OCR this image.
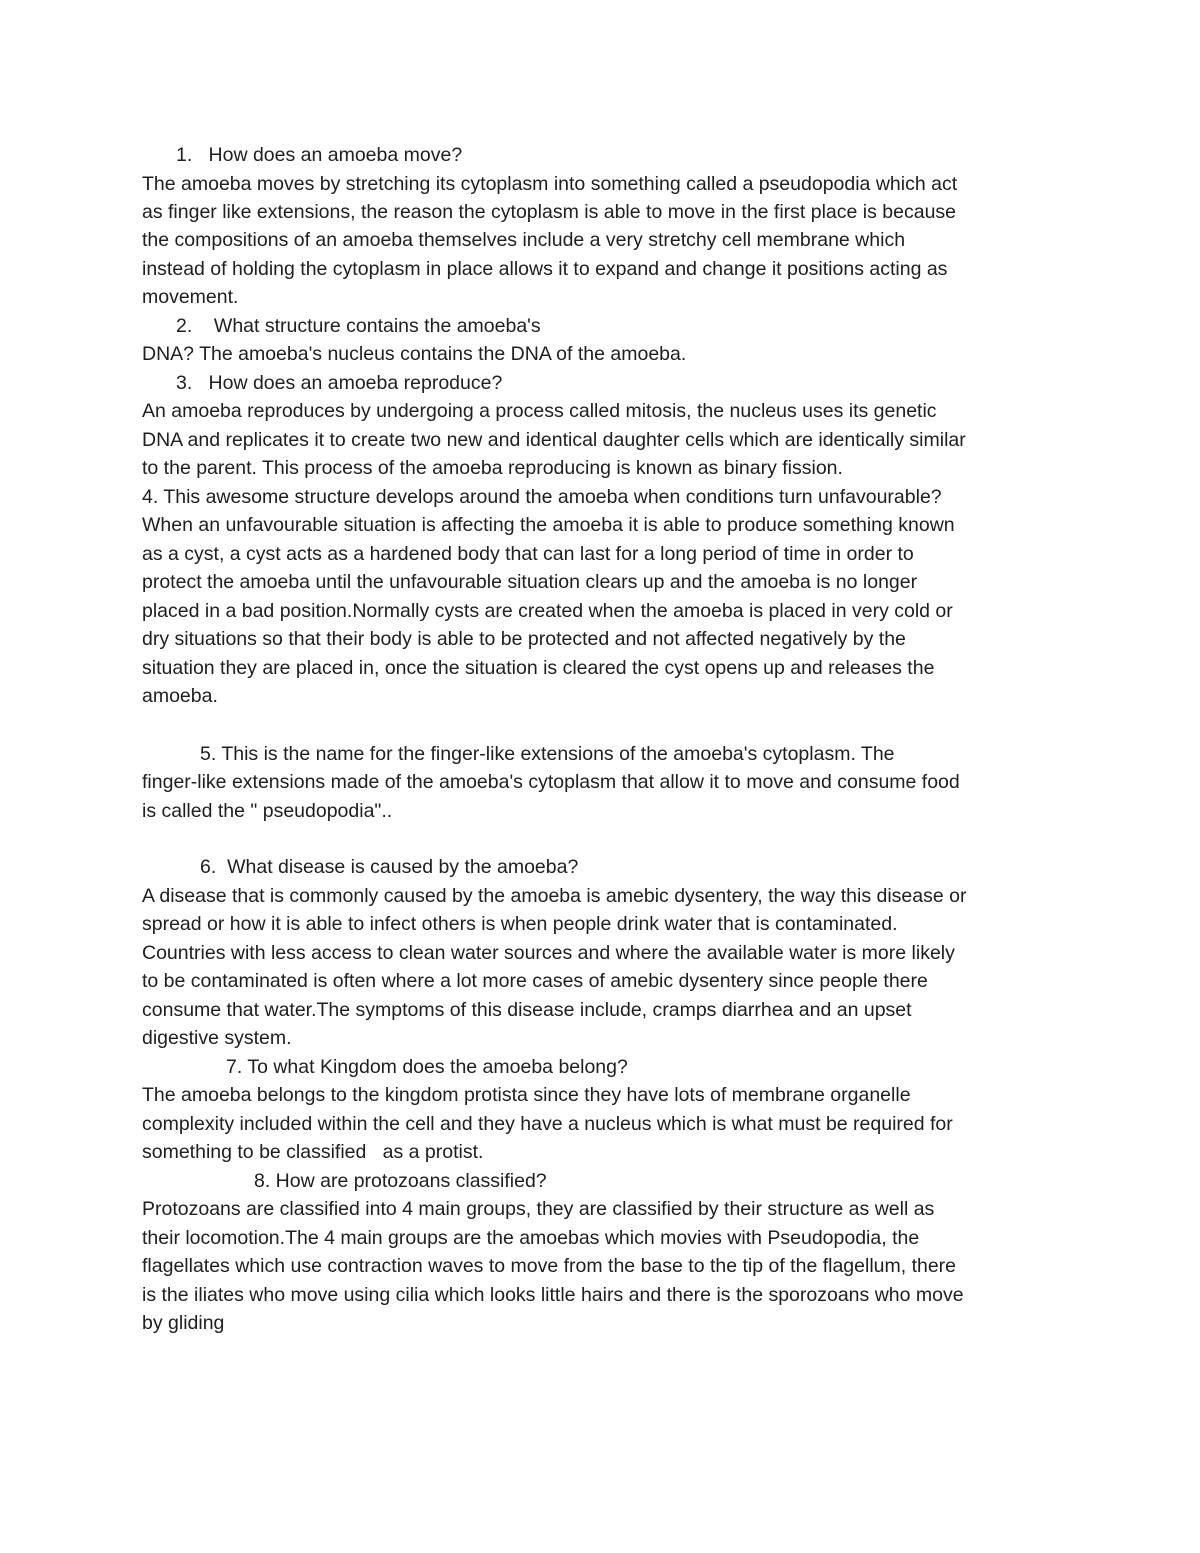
1.   How does an amoeba move?
The amoeba moves by stretching its cytoplasm into something called a pseudopodia which act
as finger like extensions, the reason the cytoplasm is able to move in the first place is because
the compositions of an amoeba themselves include a very stretchy cell membrane which
instead of holding the cytoplasm in place allows it to expand and change it positions acting as
movement.
2.    What structure contains the amoeba's
DNA? The amoeba's nucleus contains the DNA of the amoeba.
3.   How does an amoeba reproduce?
An amoeba reproduces by undergoing a process called mitosis, the nucleus uses its genetic
DNA and replicates it to create two new and identical daughter cells which are identically similar
to the parent. This process of the amoeba reproducing is known as binary fission.
4. This awesome structure develops around the amoeba when conditions turn unfavourable?
When an unfavourable situation is affecting the amoeba it is able to produce something known
as a cyst, a cyst acts as a hardened body that can last for a long period of time in order to
protect the amoeba until the unfavourable situation clears up and the amoeba is no longer
placed in a bad position.Normally cysts are created when the amoeba is placed in very cold or
dry situations so that their body is able to be protected and not affected negatively by the
situation they are placed in, once the situation is cleared the cyst opens up and releases the
amoeba.
5. This is the name for the finger-like extensions of the amoeba's cytoplasm. The
finger-like extensions made of the amoeba's cytoplasm that allow it to move and consume food
is called the " pseudopodia"..
6.  What disease is caused by the amoeba?
A disease that is commonly caused by the amoeba is amebic dysentery, the way this disease or
spread or how it is able to infect others is when people drink water that is contaminated.
Countries with less access to clean water sources and where the available water is more likely
to be contaminated is often where a lot more cases of amebic dysentery since people there
consume that water.The symptoms of this disease include, cramps diarrhea and an upset
digestive system.
7. To what Kingdom does the amoeba belong?
The amoeba belongs to the kingdom protista since they have lots of membrane organelle
complexity included within the cell and they have a nucleus which is what must be required for
something to be classified   as a protist.
8. How are protozoans classified?
Protozoans are classified into 4 main groups, they are classified by their structure as well as
their locomotion.The 4 main groups are the amoebas which movies with Pseudopodia, the
flagellates which use contraction waves to move from the base to the tip of the flagellum, there
is the iliates who move using cilia which looks little hairs and there is the sporozoans who move
by gliding
